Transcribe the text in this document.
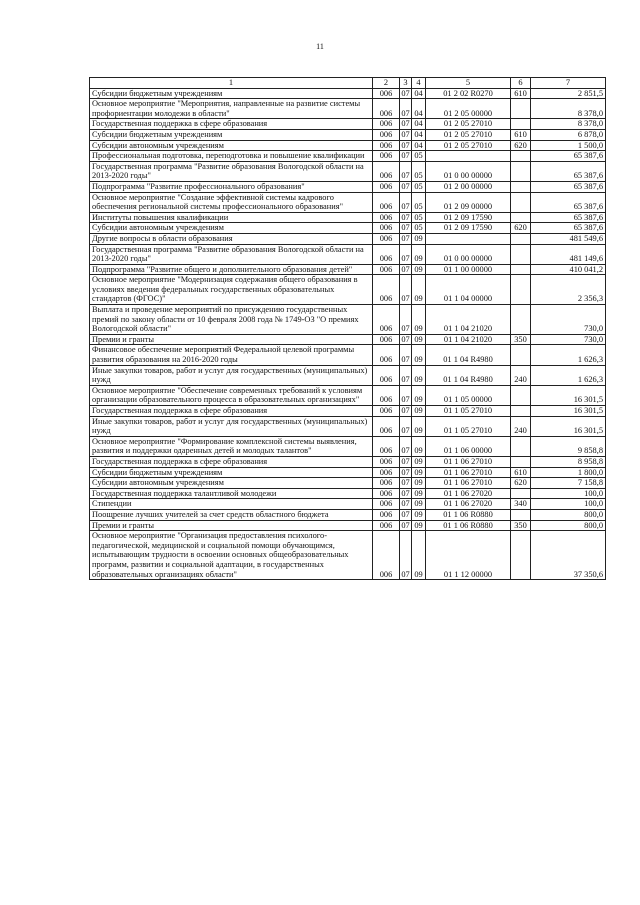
11
1	2	3	4	5	6	7
Субсидии бюджетным учреждениям	006	07	04	01 2 02 R0270	610	2 851,5
Основное мероприятие "Мероприятия, направленные на развитие системы профориентации молодежи в области"	006	07	04	01 2 05 00000		8 378,0
Государственная поддержка в сфере образования	006	07	04	01 2 05 27010		8 378,0
Субсидии бюджетным учреждениям	006	07	04	01 2 05 27010	610	6 878,0
Субсидии автономным учреждениям	006	07	04	01 2 05 27010	620	1 500,0
Профессиональная подготовка, переподготовка и повышение квалификации	006	07	05			65 387,6
Государственная программа "Развитие образования Вологодской области на 2013-2020 годы"	006	07	05	01 0 00 00000		65 387,6
Подпрограмма "Развитие профессионального образования"	006	07	05	01 2 00 00000		65 387,6
Основное мероприятие "Создание эффективной системы кадрового обеспечения региональной системы профессионального образования"	006	07	05	01 2 09 00000		65 387,6
Институты повышения квалификации	006	07	05	01 2 09 17590		65 387,6
Субсидии автономным учреждениям	006	07	05	01 2 09 17590	620	65 387,6
Другие вопросы в области образования	006	07	09			481 549,6
Государственная программа "Развитие образования Вологодской области на 2013-2020 годы"	006	07	09	01 0 00 00000		481 149,6
Подпрограмма "Развитие общего и дополнительного образования детей"	006	07	09	01 1 00 00000		410 041,2
Основное мероприятие "Модернизация содержания общего образования в условиях введения федеральных государственных образовательных стандартов (ФГОС)"	006	07	09	01 1 04 00000		2 356,3
Выплата и проведение мероприятий по присуждению государственных премий по закону области от 10 февраля 2008 года № 1749-ОЗ "О премиях Вологодской области"	006	07	09	01 1 04 21020		730,0
Премии и гранты	006	07	09	01 1 04 21020	350	730,0
Финансовое обеспечение мероприятий Федеральной целевой программы развития образования на 2016-2020 годы	006	07	09	01 1 04 R4980		1 626,3
Иные закупки товаров, работ и услуг для государственных (муниципальных) нужд	006	07	09	01 1 04 R4980	240	1 626,3
Основное мероприятие "Обеспечение современных требований к условиям организации образовательного процесса в образовательных организациях"	006	07	09	01 1 05 00000		16 301,5
Государственная поддержка в сфере образования	006	07	09	01 1 05 27010		16 301,5
Иные закупки товаров, работ и услуг для государственных (муниципальных) нужд	006	07	09	01 1 05 27010	240	16 301,5
Основное мероприятие "Формирование комплексной системы выявления, развития и поддержки одаренных детей и молодых талантов"	006	07	09	01 1 06 00000		9 858,8
Государственная поддержка в сфере образования	006	07	09	01 1 06 27010		8 958,8
Субсидии бюджетным учреждениям	006	07	09	01 1 06 27010	610	1 800,0
Субсидии автономным учреждениям	006	07	09	01 1 06 27010	620	7 158,8
Государственная поддержка талантливой молодежи	006	07	09	01 1 06 27020		100,0
Стипендии	006	07	09	01 1 06 27020	340	100,0
Поощрение лучших учителей за счет средств областного бюджета	006	07	09	01 1 06 R0880		800,0
Премии и гранты	006	07	09	01 1 06 R0880	350	800,0
Основное мероприятие "Организация предоставления психолого-педагогической, медицинской и социальной помощи обучающимся, испытывающим трудности в освоении основных общеобразовательных программ, развитии и социальной адаптации, в государственных образовательных организациях области"	006	07	09	01 1 12 00000		37 350,6
